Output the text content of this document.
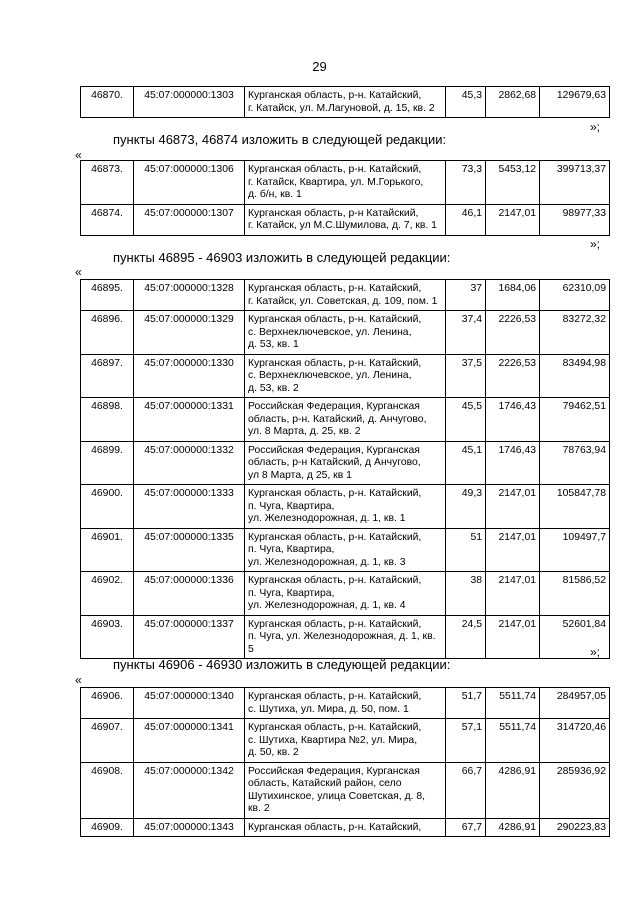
29
46870.	45:07:000000:1303	Курганская область, р-н. Катайский,
г. Катайск, ул. М.Лагуновой, д. 15, кв. 2	45,3	2862,68	129679,63
»;
пункты 46873, 46874 изложить в следующей редакции:
«
46873.	45:07:000000:1306	Курганская область, р-н. Катайский,
г. Катайск, Квартира, ул. М.Горького,
д. б/н, кв. 1	73,3	5453,12	399713,37
46874.	45:07:000000:1307	Курганская область, р-н Катайский,
г. Катайск, ул М.С.Шумилова, д. 7, кв. 1	46,1	2147,01	98977,33
»;
пункты 46895 - 46903 изложить в следующей редакции:
«
46895.	45:07:000000:1328	Курганская область, р-н. Катайский,
г. Катайск, ул. Советская, д. 109, пом. 1	37	1684,06	62310,09
46896.	45:07:000000:1329	Курганская область, р-н. Катайский,
с. Верхнеключевское, ул. Ленина,
д. 53, кв. 1	37,4	2226,53	83272,32
46897.	45:07:000000:1330	Курганская область, р-н. Катайский,
с. Верхнеключевское, ул. Ленина,
д. 53, кв. 2	37,5	2226,53	83494,98
46898.	45:07:000000:1331	Российская Федерация, Курганская
область, р-н. Катайский, д. Анчугово,
ул. 8 Марта, д. 25, кв. 2	45,5	1746,43	79462,51
46899.	45:07:000000:1332	Российская Федерация, Курганская
область, р-н Катайский, д Анчугово,
ул 8 Марта, д 25, кв 1	45,1	1746,43	78763,94
46900.	45:07:000000:1333	Курганская область, р-н. Катайский,
п. Чуга, Квартира,
ул. Железнодорожная, д. 1, кв. 1	49,3	2147,01	105847,78
46901.	45:07:000000:1335	Курганская область, р-н. Катайский,
п. Чуга, Квартира,
ул. Железнодорожная, д. 1, кв. 3	51	2147,01	109497,7
46902.	45:07:000000:1336	Курганская область, р-н. Катайский,
п. Чуга, Квартира,
ул. Железнодорожная, д. 1, кв. 4	38	2147,01	81586,52
46903.	45:07:000000:1337	Курганская область, р-н. Катайский,
п. Чуга, ул. Железнодорожная, д. 1, кв. 5	24,5	2147,01	52601,84
»;
пункты 46906 - 46930 изложить в следующей редакции:
«
46906.	45:07:000000:1340	Курганская область, р-н. Катайский,
с. Шутиха, ул. Мира, д. 50, пом. 1	51,7	5511,74	284957,05
46907.	45:07:000000:1341	Курганская область, р-н. Катайский,
с. Шутиха, Квартира №2, ул. Мира,
д. 50, кв. 2	57,1	5511,74	314720,46
46908.	45:07:000000:1342	Российская Федерация, Курганская
область, Катайский район, село
Шутихинское, улица Советская, д. 8,
кв. 2	66,7	4286,91	285936,92
46909.	45:07:000000:1343	Курганская область, р-н. Катайский,	67,7	4286,91	290223,83
